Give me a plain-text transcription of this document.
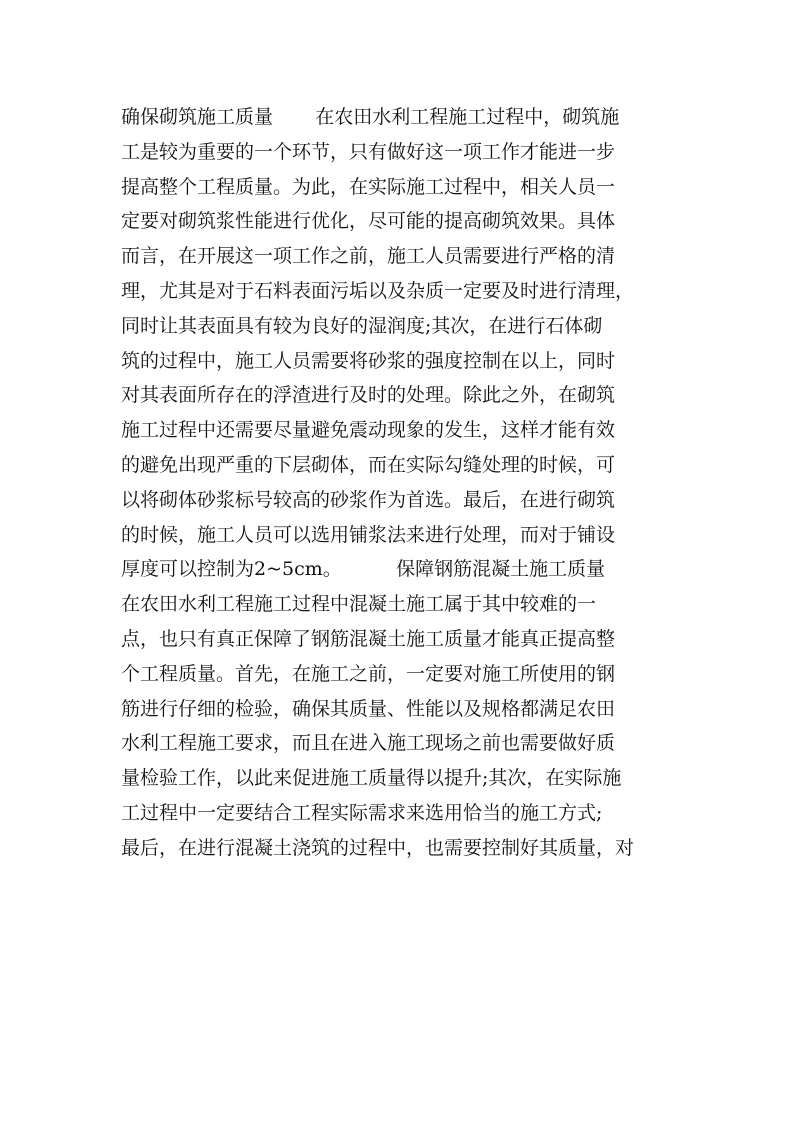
确保砌筑施工质量       在农田水利工程施工过程中，砌筑施
工是较为重要的一个环节，只有做好这一项工作才能进一步
提高整个工程质量。为此，在实际施工过程中，相关人员一
定要对砌筑浆性能进行优化，尽可能的提高砌筑效果。具体
而言，在开展这一项工作之前，施工人员需要进行严格的清
理，尤其是对于石料表面污垢以及杂质一定要及时进行清理，
同时让其表面具有较为良好的湿润度;其次，在进行石体砌
筑的过程中，施工人员需要将砂浆的强度控制在以上，同时
对其表面所存在的浮渣进行及时的处理。除此之外，在砌筑
施工过程中还需要尽量避免震动现象的发生，这样才能有效
的避免出现严重的下层砌体，而在实际勾缝处理的时候，可
以将砌体砂浆标号较高的砂浆作为首选。最后，在进行砌筑
的时候，施工人员可以选用铺浆法来进行处理，而对于铺设
厚度可以控制为2~5cm。         保障钢筋混凝土施工质量
在农田水利工程施工过程中混凝土施工属于其中较难的一
点，也只有真正保障了钢筋混凝土施工质量才能真正提高整
个工程质量。首先，在施工之前，一定要对施工所使用的钢
筋进行仔细的检验，确保其质量、性能以及规格都满足农田
水利工程施工要求，而且在进入施工现场之前也需要做好质
量检验工作，以此来促进施工质量得以提升;其次，在实际施
工过程中一定要结合工程实际需求来选用恰当的施工方式;
最后，在进行混凝土浇筑的过程中，也需要控制好其质量，对
